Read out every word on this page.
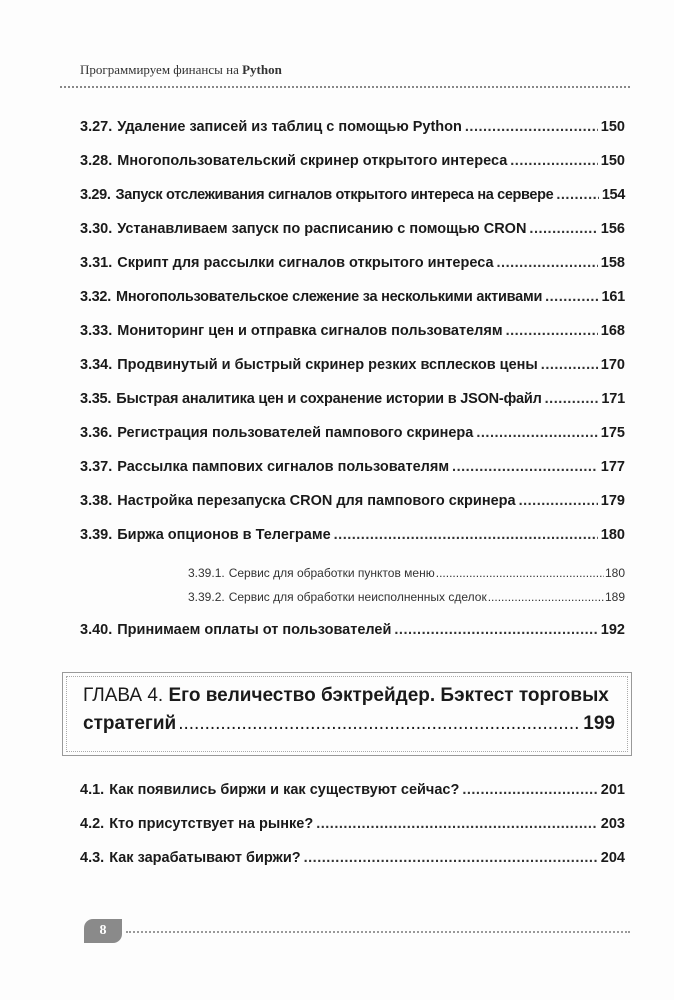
Программируем финансы на Python
3.27. Удаление записей из таблиц с помощью Python .....	150
3.28. Многопользовательский скринер открытого интереса .....	150
3.29. Запуск отслеживания сигналов открытого интереса на сервере .....	154
3.30. Устанавливаем запуск по расписанию с помощью CRON .....	156
3.31. Скрипт для рассылки сигналов открытого интереса .....	158
3.32. Многопользовательское слежение за несколькими активами .....	161
3.33. Мониторинг цен и отправка сигналов пользователям .....	168
3.34. Продвинутый и быстрый скринер резких всплесков цены .....	170
3.35. Быстрая аналитика цен и сохранение истории в JSON-файл .....	171
3.36. Регистрация пользователей пампового скринера .....	175
3.37. Рассылка пампових сигналов пользователям .....	177
3.38. Настройка перезапуска CRON для пампового скринера .....	179
3.39. Биржа опционов в Телеграме .....	180
3.39.1. Сервис для обработки пунктов меню .....	180
3.39.2. Сервис для обработки неисполненных сделок .....	189
3.40. Принимаем оплаты от пользователей .....	192
ГЛАВА 4. Его величество бэктрейдер. Бэктест торговых
стратегий .....	199
4.1. Как появились биржи и как существуют сейчас? .....	201
4.2. Кто присутствует на рынке? .....	203
4.3. Как зарабатывают биржи? .....	204
8
